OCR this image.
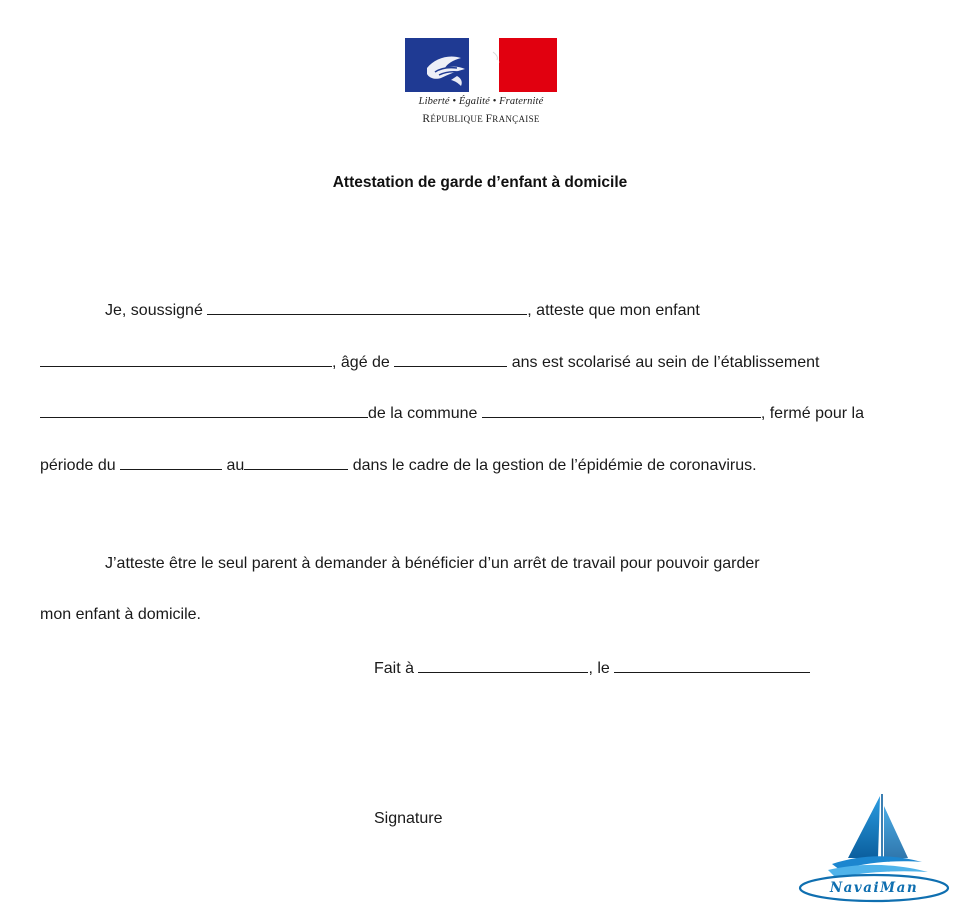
Liberté • Égalité • Fraternité
RÉPUBLIQUE FRANÇAISE
Attestation de garde d’enfant à domicile
Je, soussigné	, atteste que mon enfant
, âgé de	ans est scolarisé au sein de l’établissement
de la commune	, fermé pour la
période du	au	dans le cadre de la gestion de l’épidémie de coronavirus.
J’atteste être le seul parent à demander à bénéficier d’un arrêt de travail pour pouvoir garder
mon enfant à domicile.
Fait à	, le
Signature
NavaiMan
